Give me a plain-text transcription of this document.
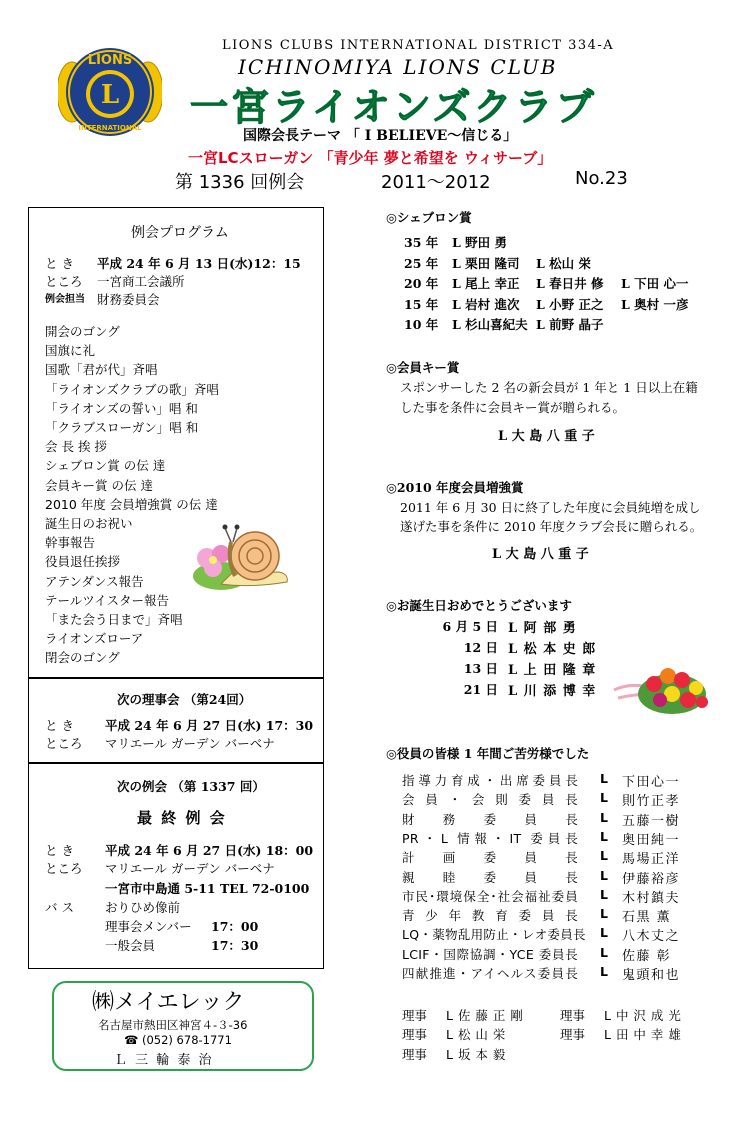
L
LIONS
INTERNATIONAL
LIONS CLUBS INTERNATIONAL DISTRICT 334-A
ICHINOMIYA LIONS CLUB
一宮ライオンズクラブ
国際会長テーマ 「 I BELIEVE～信じる」
一宮LCスローガン 「青少年 夢と希望を ウィサーブ」
第 1336 回例会	2011～2012	No.23
例会プログラム
と き 平成 24 年 6 月 13 日(水)12：15
ところ 一宮商工会議所
例会担当 財務委員会
開会のゴング
国旗に礼
国歌「君が代」斉唱
「ライオンズクラブの歌」斉唱
「ライオンズの誓い」唱 和
「クラブスローガン」唱 和
会 長 挨 拶
シェブロン賞 の伝 達
会員キー賞 の伝 達
2010 年度 会員増強賞 の伝 達
誕生日のお祝い
幹事報告
役員退任挨拶
アテンダンス報告
テールツイスター報告
「また会う日まで」斉唱
ライオンズローア
閉会のゴング
次の理事会 （第24回）
と き 平成 24 年 6 月 27 日(水) 17：30
ところ マリエール ガーデン バーベナ
次の例会 （第 1337 回）
最 終 例 会
と き 平成 24 年 6 月 27 日(水) 18：00
ところ マリエール ガーデン バーベナ
一宮市中島通 5-11 TEL 72-0100
バ ス おりひめ像前
理事会メンバー 17：00
一般会員	17：30
㈱メイエレック
名古屋市熱田区神宮４-３-36
☎ (052) 678-1771
Ｌ 三 輪 泰 治
◎シェブロン賞
35 年 L 野田 勇
25 年 L 栗田 隆司 L 松山 栄
20 年 L 尾上 幸正 L 春日井 修 L 下田 心一
15 年 L 岩村 進次 L 小野 正之 L 奥村 一彦
10 年 L 杉山喜紀夫 L 前野 晶子
◎会員キー賞
スポンサーした 2 名の新会員が 1 年と 1 日以上在籍
した事を条件に会員キー賞が贈られる。
L 大 島 八 重 子
◎2010 年度会員増強賞
2011 年 6 月 30 日に終了した年度に会員純増を成し
遂げた事を条件に 2010 年度クラブ会長に贈られる。
L 大 島 八 重 子
◎お誕生日おめでとうございます
6 月 5 日 L 阿 部 勇
12 日 L 松 本 史 郎
13 日 L 上 田 隆 章
21 日 L 川 添 博 幸
◎役員の皆様 1 年間ご苦労様でした
指導力育成・出席委員長 L 下田心一
会 員 ・ 会 則 委 員 長 L 則竹正孝
財 務 委 員 長 L 五藤一樹
PR・L 情報・IT 委員長 L 奥田純一
計 画 委 員 長 L 馬場正洋
親 睦 委 員 長 L 伊藤裕彦
市民･環境保全･社会福祉委員 L 木村鎮夫
青 少 年 教 育 委 員 長 L 石黒 薫
LQ・薬物乱用防止・レオ委員長 L 八木丈之
LCIF・国際協調・YCE 委員長 L 佐藤 彰
四献推進・アイヘルス委員長 L 鬼頭和也
理事 L 佐 藤 正 剛	理事 L 中 沢 成 光
理事 L 松 山 栄	理事 L 田 中 幸 雄
理事 L 坂 本 毅
